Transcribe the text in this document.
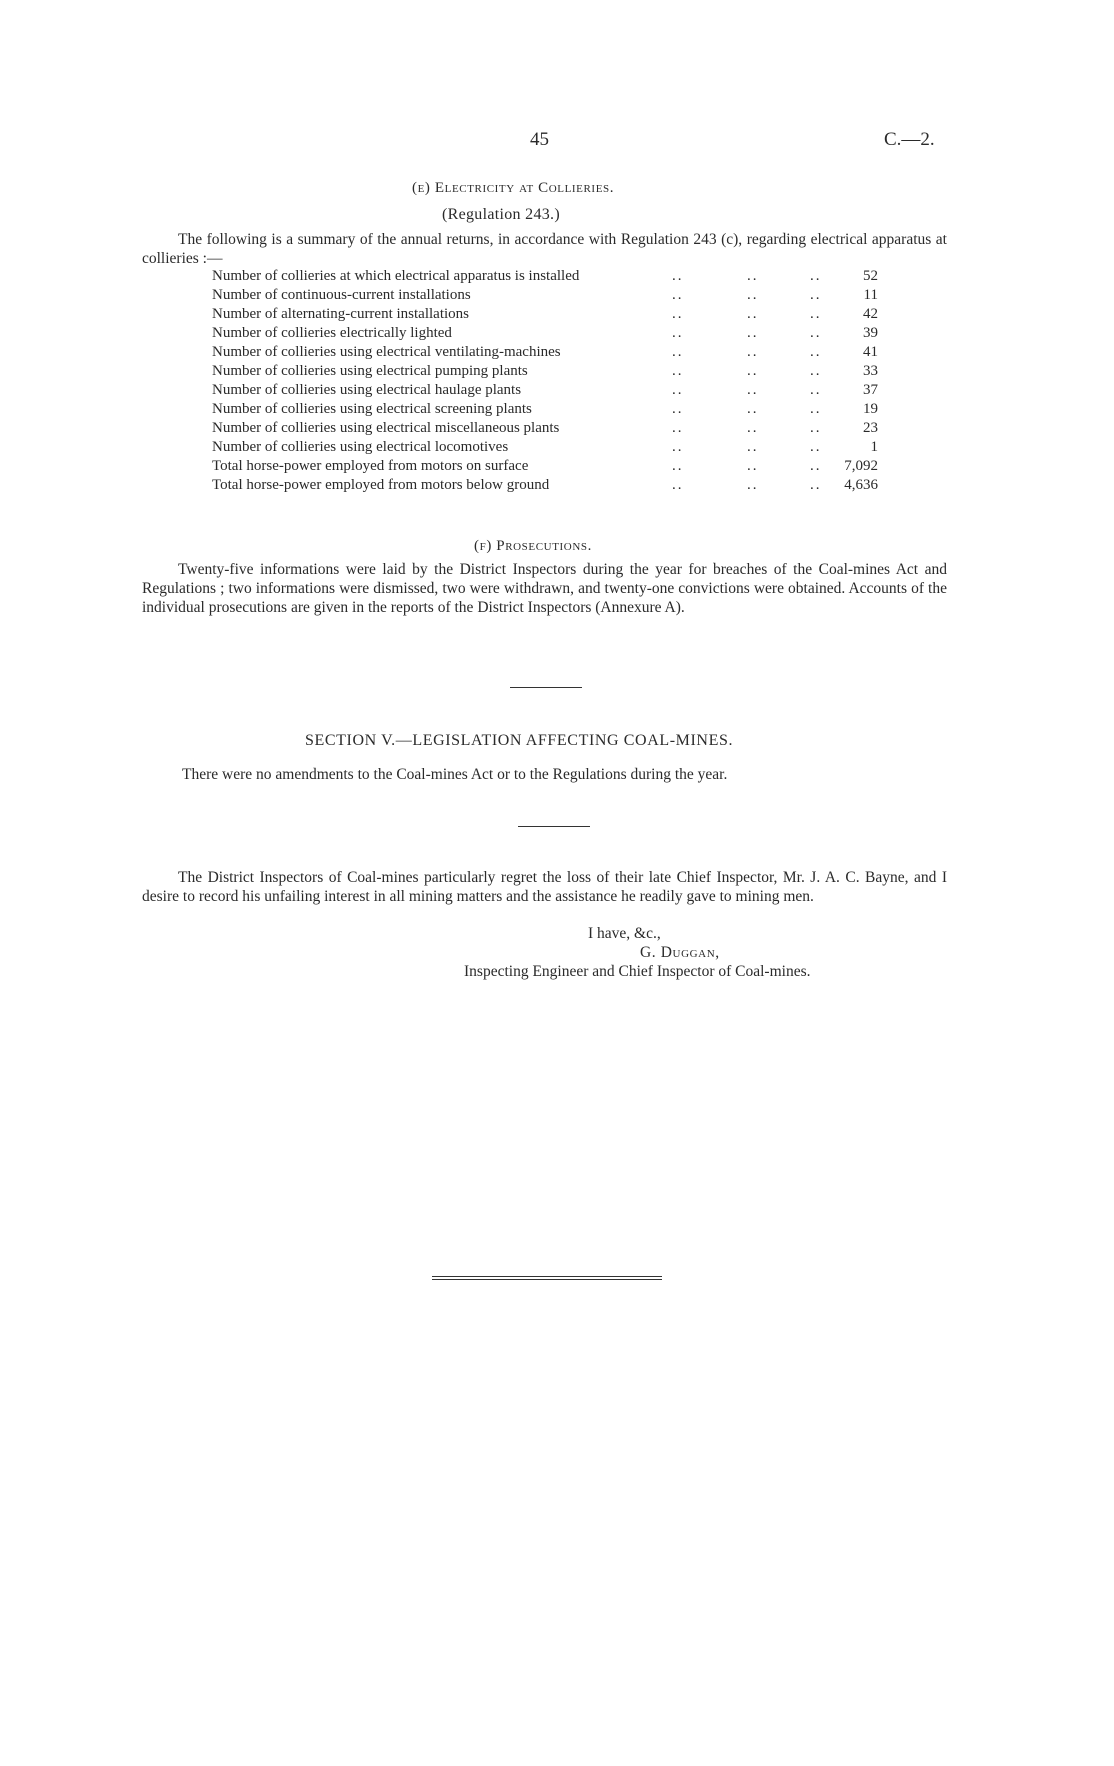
45	C.—2.
(e) Electricity at Collieries.
(Regulation 243.)
The following is a summary of the annual returns, in accordance with Regulation 243 (c), regarding electrical apparatus at collieries :—
Number of collieries at which electrical apparatus is installed	..	..	..	52
Number of continuous-current installations	..	..	..	11
Number of alternating-current installations	..	..	..	42
Number of collieries electrically lighted	..	..	..	39
Number of collieries using electrical ventilating-machines	..	..	..	41
Number of collieries using electrical pumping plants	..	..	..	33
Number of collieries using electrical haulage plants	..	..	..	37
Number of collieries using electrical screening plants	..	..	..	19
Number of collieries using electrical miscellaneous plants	..	..	..	23
Number of collieries using electrical locomotives	..	..	..	1
Total horse-power employed from motors on surface	..	..	.. 7,092
Total horse-power employed from motors below ground	..	..	.. 4,636
(f) Prosecutions.
Twenty-five informations were laid by the District Inspectors during the year for breaches of the Coal-mines Act and Regulations ; two informations were dismissed, two were withdrawn, and twenty-one convictions were obtained. Accounts of the individual prosecutions are given in the reports of the District Inspectors (Annexure A).
SECTION V.—LEGISLATION AFFECTING COAL-MINES.
There were no amendments to the Coal-mines Act or to the Regulations during the year.
The District Inspectors of Coal-mines particularly regret the loss of their late Chief Inspector, Mr. J. A. C. Bayne, and I desire to record his unfailing interest in all mining matters and the assistance he readily gave to mining men.
I have, &c.,
G. Duggan,
Inspecting Engineer and Chief Inspector of Coal-mines.
